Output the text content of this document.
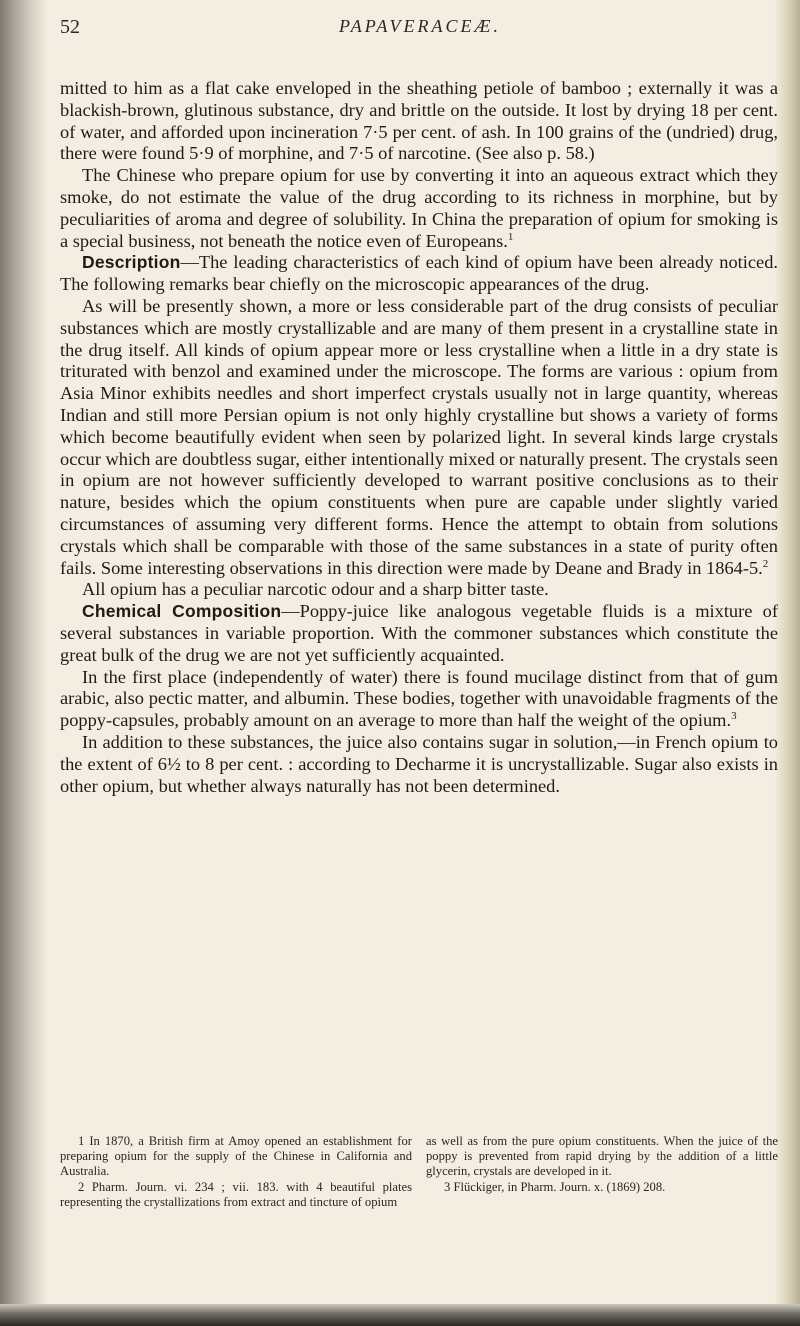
52	PAPAVERACEÆ.

mitted to him as a flat cake enveloped in the sheathing petiole of bamboo ; externally it was a blackish-brown, glutinous substance, dry and brittle on the outside. It lost by drying 18 per cent. of water, and afforded upon incineration 7·5 per cent. of ash. In 100 grains of the (undried) drug, there were found 5·9 of morphine, and 7·5 of narcotine. (See also p. 58.)

The Chinese who prepare opium for use by converting it into an aqueous extract which they smoke, do not estimate the value of the drug according to its richness in morphine, but by peculiarities of aroma and degree of solubility. In China the preparation of opium for smoking is a special business, not beneath the notice even of Europeans.$^1$

Description—The leading characteristics of each kind of opium have been already noticed. The following remarks bear chiefly on the microscopic appearances of the drug.

As will be presently shown, a more or less considerable part of the drug consists of peculiar substances which are mostly crystallizable and are many of them present in a crystalline state in the drug itself. All kinds of opium appear more or less crystalline when a little in a dry state is triturated with benzol and examined under the microscope. The forms are various : opium from Asia Minor exhibits needles and short imperfect crystals usually not in large quantity, whereas Indian and still more Persian opium is not only highly crystalline but shows a variety of forms which become beautifully evident when seen by polarized light. In several kinds large crystals occur which are doubtless sugar, either intentionally mixed or naturally present. The crystals seen in opium are not however sufficiently developed to warrant positive conclusions as to their nature, besides which the opium constituents when pure are capable under slightly varied circumstances of assuming very different forms. Hence the attempt to obtain from solutions crystals which shall be comparable with those of the same substances in a state of purity often fails. Some interesting observations in this direction were made by Deane and Brady in 1864-5.$^2$

All opium has a peculiar narcotic odour and a sharp bitter taste.

Chemical Composition—Poppy-juice like analogous vegetable fluids is a mixture of several substances in variable proportion. With the commoner substances which constitute the great bulk of the drug we are not yet sufficiently acquainted.

In the first place (independently of water) there is found mucilage distinct from that of gum arabic, also pectic matter, and albumin. These bodies, together with unavoidable fragments of the poppy-capsules, probably amount on an average to more than half the weight of the opium.$^3$

In addition to these substances, the juice also contains sugar in solution,—in French opium to the extent of 6½ to 8 per cent. : according to Decharme it is uncrystallizable. Sugar also exists in other opium, but whether always naturally has not been determined.

1 In 1870, a British firm at Amoy opened an establishment for preparing opium for the supply of the Chinese in California and Australia.

2 Pharm. Journ. vi. 234 ; vii. 183. with 4 beautiful plates representing the crystallizations from extract and tincture of opium

as well as from the pure opium constituents. When the juice of the poppy is prevented from rapid drying by the addition of a little glycerin, crystals are developed in it.

3 Flückiger, in Pharm. Journ. x. (1869) 208.
